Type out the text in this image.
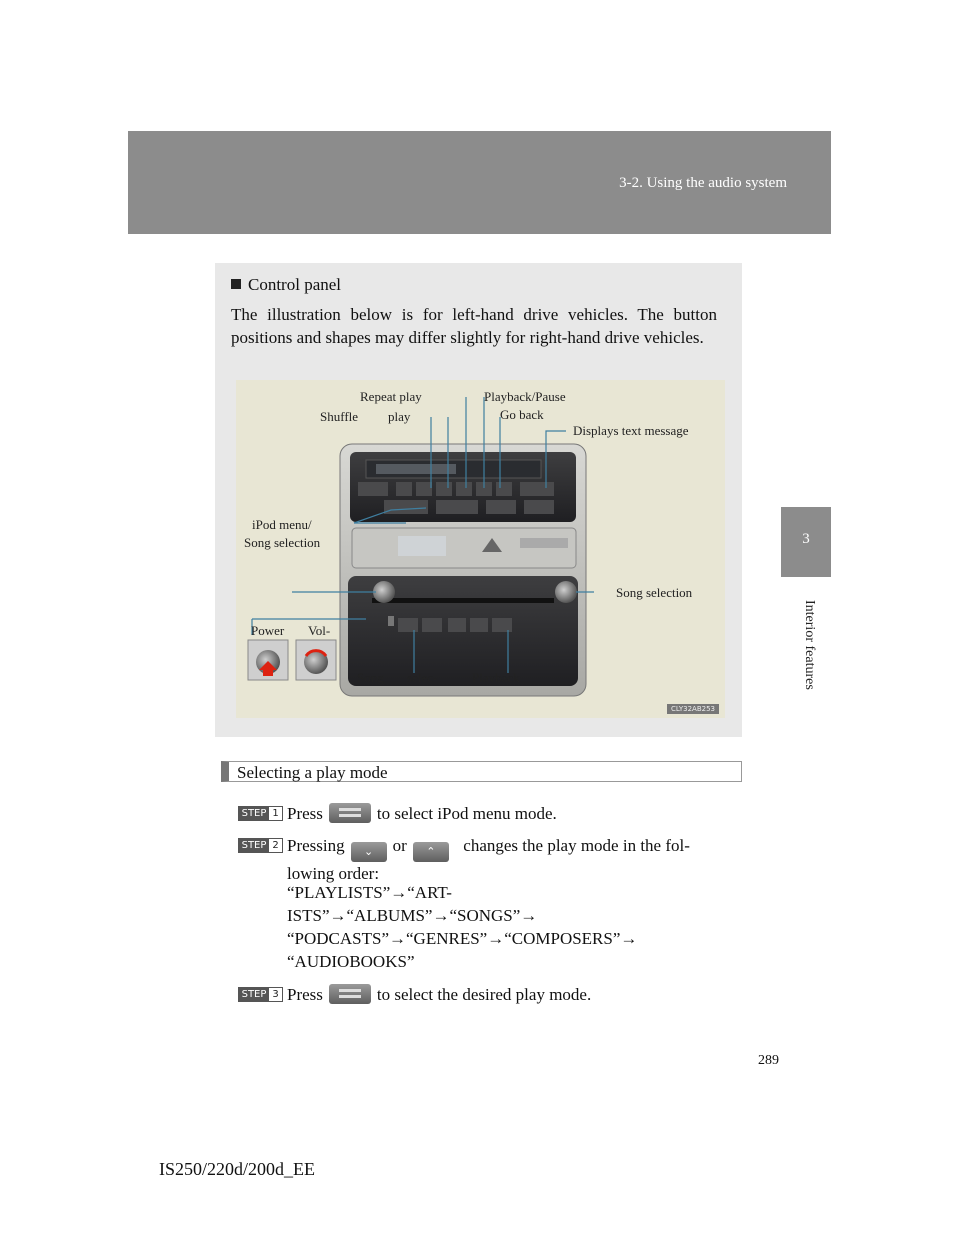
3-2. Using the audio system
3
Interior features
Control panel
The illustration below is for left-hand drive vehicles. The button positions and shapes may differ slightly for right-hand drive vehicles.
Repeat play	Playback/Pause
Shuffle play	Go back
Displays text message
iPod menu/
Song selection
Song selection
Power Vol-
Song selec-	Playback
CLY32AB253
Selecting a play mode
STEP 1 Press	to select iPod menu mode.
STEP 2 Pressing ⌄ or ⌃ changes the play mode in the fol-
lowing order:
“PLAYLISTS”→“ART-
ISTS”→“ALBUMS”→“SONGS”→
“PODCASTS”→“GENRES”→“COMPOSERS”→
“AUDIOBOOKS”
STEP 3 Press	to select the desired play mode.
289
IS250/220d/200d_EE
